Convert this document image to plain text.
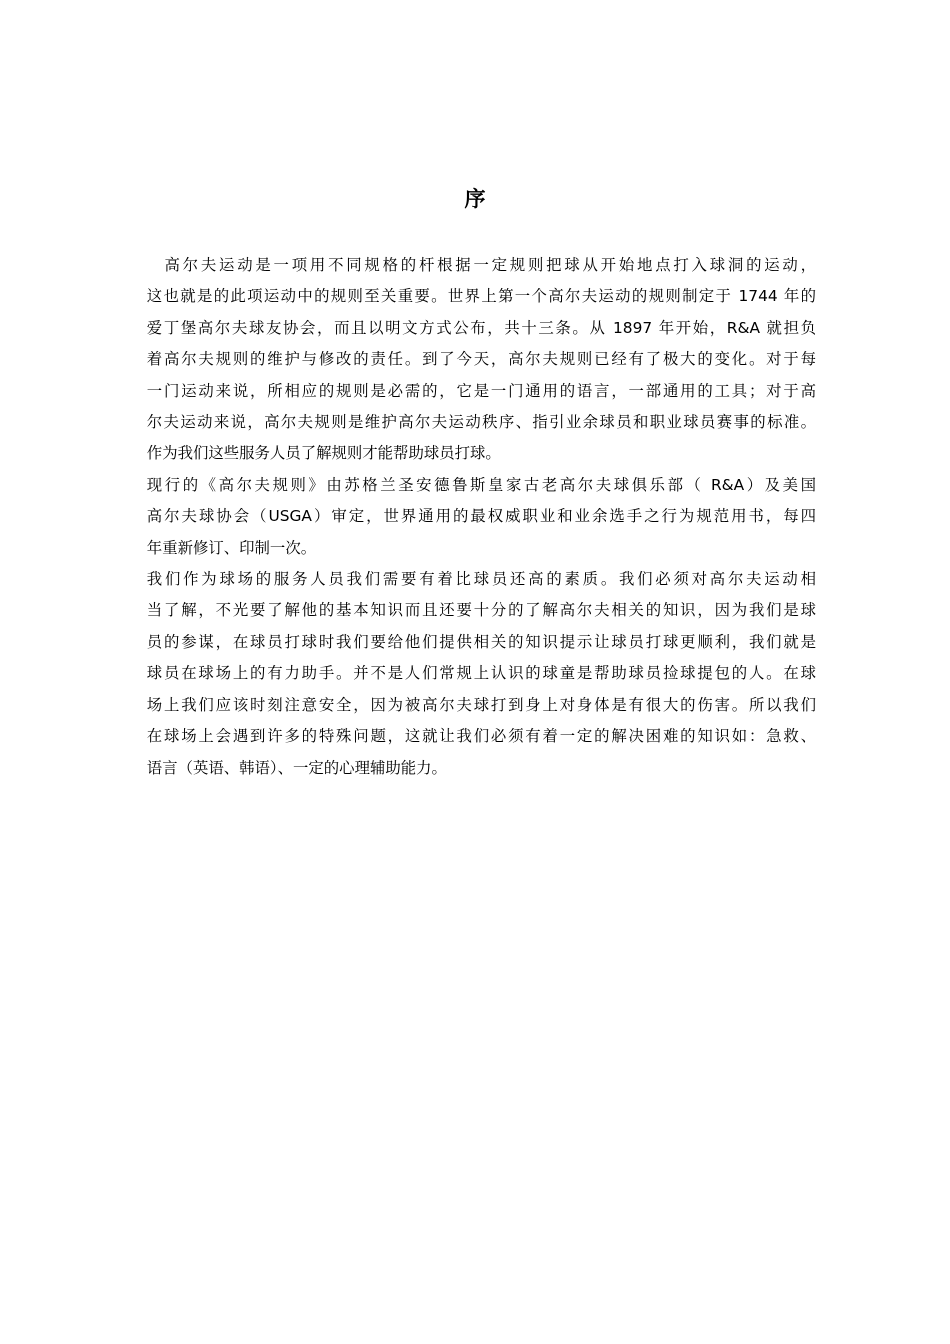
序
高尔夫运动是一项用不同规格的杆根据一定规则把球从开始地点打入球洞的运动，
这也就是的此项运动中的规则至关重要。世界上第一个高尔夫运动的规则制定于 1744 年的
爱丁堡高尔夫球友协会，而且以明文方式公布，共十三条。从 1897 年开始，R&A 就担负
着高尔夫规则的维护与修改的责任。到了今天，高尔夫规则已经有了极大的变化。对于每
一门运动来说，所相应的规则是必需的，它是一门通用的语言，一部通用的工具；对于高
尔夫运动来说，高尔夫规则是维护高尔夫运动秩序、指引业余球员和职业球员赛事的标准。
作为我们这些服务人员了解规则才能帮助球员打球。
现行的《高尔夫规则》由苏格兰圣安德鲁斯皇家古老高尔夫球俱乐部（ R&A）及美国
高尔夫球协会（USGA）审定，世界通用的最权威职业和业余选手之行为规范用书，每四
年重新修订、印制一次。
我们作为球场的服务人员我们需要有着比球员还高的素质。我们必须对高尔夫运动相
当了解，不光要了解他的基本知识而且还要十分的了解高尔夫相关的知识，因为我们是球
员的参谋，在球员打球时我们要给他们提供相关的知识提示让球员打球更顺利，我们就是
球员在球场上的有力助手。并不是人们常规上认识的球童是帮助球员捡球提包的人。在球
场上我们应该时刻注意安全，因为被高尔夫球打到身上对身体是有很大的伤害。所以我们
在球场上会遇到许多的特殊问题，这就让我们必须有着一定的解决困难的知识如：急救、
语言（英语、韩语）、一定的心理辅助能力。
